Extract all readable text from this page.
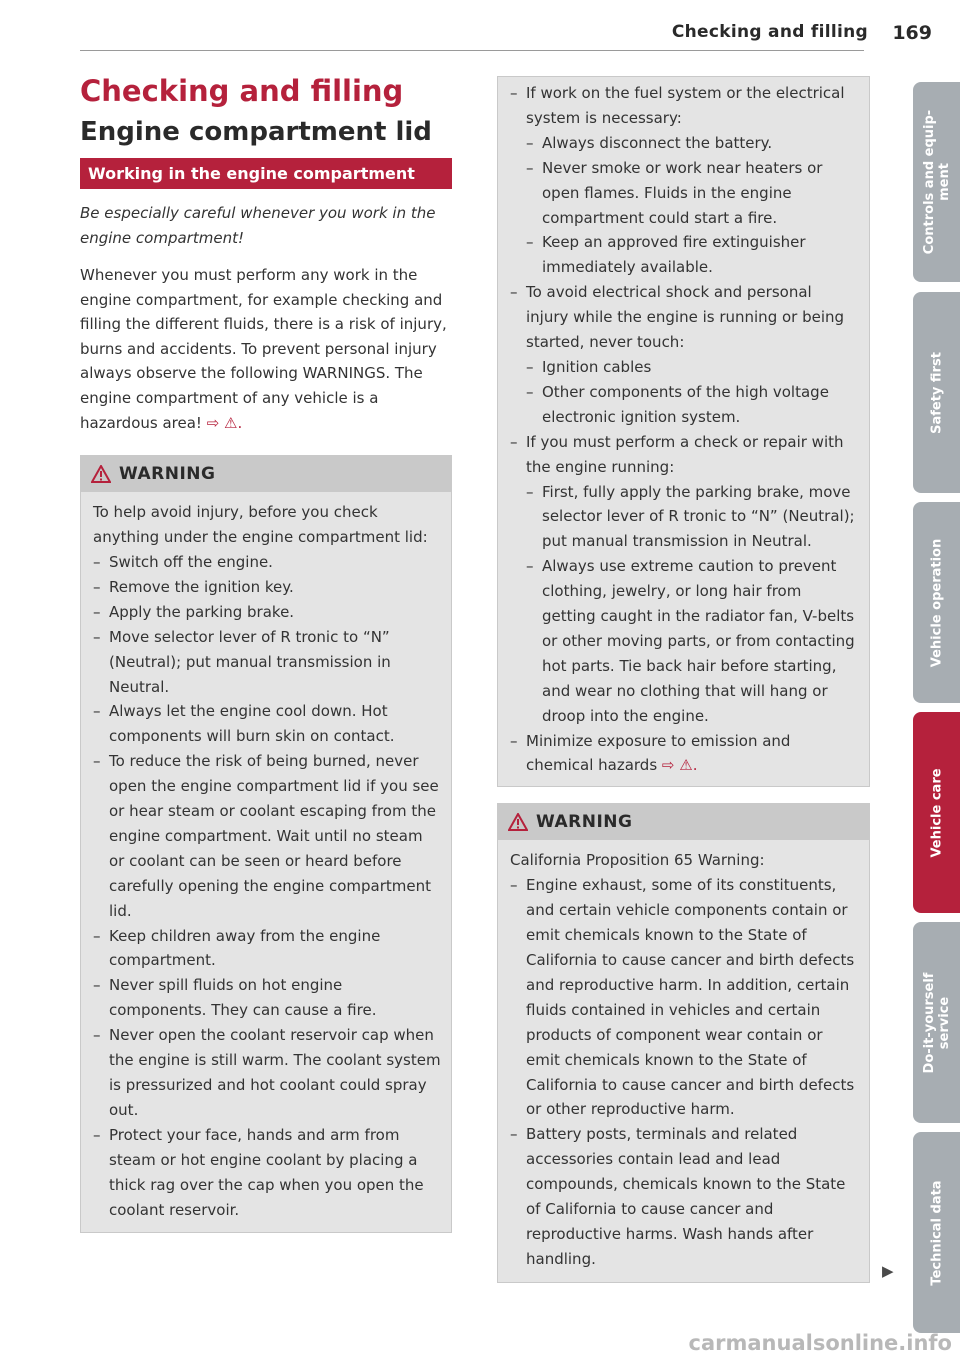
Checking and filling 169
Checking and filling
Engine compartment lid
Working in the engine compartment

Be especially careful whenever you work in the engine compartment!

Whenever you must perform any work in the engine compartment, for example checking and filling the different fluids, there is a risk of injury, burns and accidents. To prevent personal injury always observe the following WARNINGS. The engine compartment of any vehicle is a hazardous area! ⇨ ⚠.

WARNING

To help avoid injury, before you check anything under the engine compartment lid:

– Switch off the engine.
– Remove the ignition key.
– Apply the parking brake.
– Move selector lever of R tronic to “N” (Neutral); put manual transmission in Neutral.
– Always let the engine cool down. Hot components will burn skin on contact.
– To reduce the risk of being burned, never open the engine compartment lid if you see or hear steam or coolant escaping from the engine compartment. Wait until no steam or coolant can be seen or heard before carefully opening the engine compartment lid.
– Keep children away from the engine compartment.
– Never spill fluids on hot engine components. They can cause a fire.
– Never open the coolant reservoir cap when the engine is still warm. The coolant system is pressurized and hot coolant could spray out.
– Protect your face, hands and arm from steam or hot engine coolant by placing a thick rag over the cap when you open the coolant reservoir.
– If work on the fuel system or the electrical system is necessary:
– Always disconnect the battery.
– Never smoke or work near heaters or open flames. Fluids in the engine compartment could start a fire.
– Keep an approved fire extinguisher immediately available.
– To avoid electrical shock and personal injury while the engine is running or being started, never touch:
– Ignition cables
– Other components of the high voltage electronic ignition system.
– If you must perform a check or repair with the engine running:
– First, fully apply the parking brake, move selector lever of R tronic to “N” (Neutral); put manual transmission in Neutral.
– Always use extreme caution to prevent clothing, jewelry, or long hair from getting caught in the radiator fan, V-belts or other moving parts, or from contacting hot parts. Tie back hair before starting, and wear no clothing that will hang or droop into the engine.
– Minimize exposure to emission and chemical hazards ⇨ ⚠.
WARNING

California Proposition 65 Warning:

– Engine exhaust, some of its constituents, and certain vehicle components contain or emit chemicals known to the State of California to cause cancer and birth defects and reproductive harm. In addition, certain fluids contained in vehicles and certain products of component wear contain or emit chemicals known to the State of California to cause cancer and birth defects or other reproductive harm.
– Battery posts, terminals and related accessories contain lead and lead compounds, chemicals known to the State of California to cause cancer and reproductive harms. Wash hands after handling.
▶
Controls and equip-
ment
Safety first
Vehicle operation
Vehicle care
Do-it-yourself
service
Technical data
carmanualsonline.info
